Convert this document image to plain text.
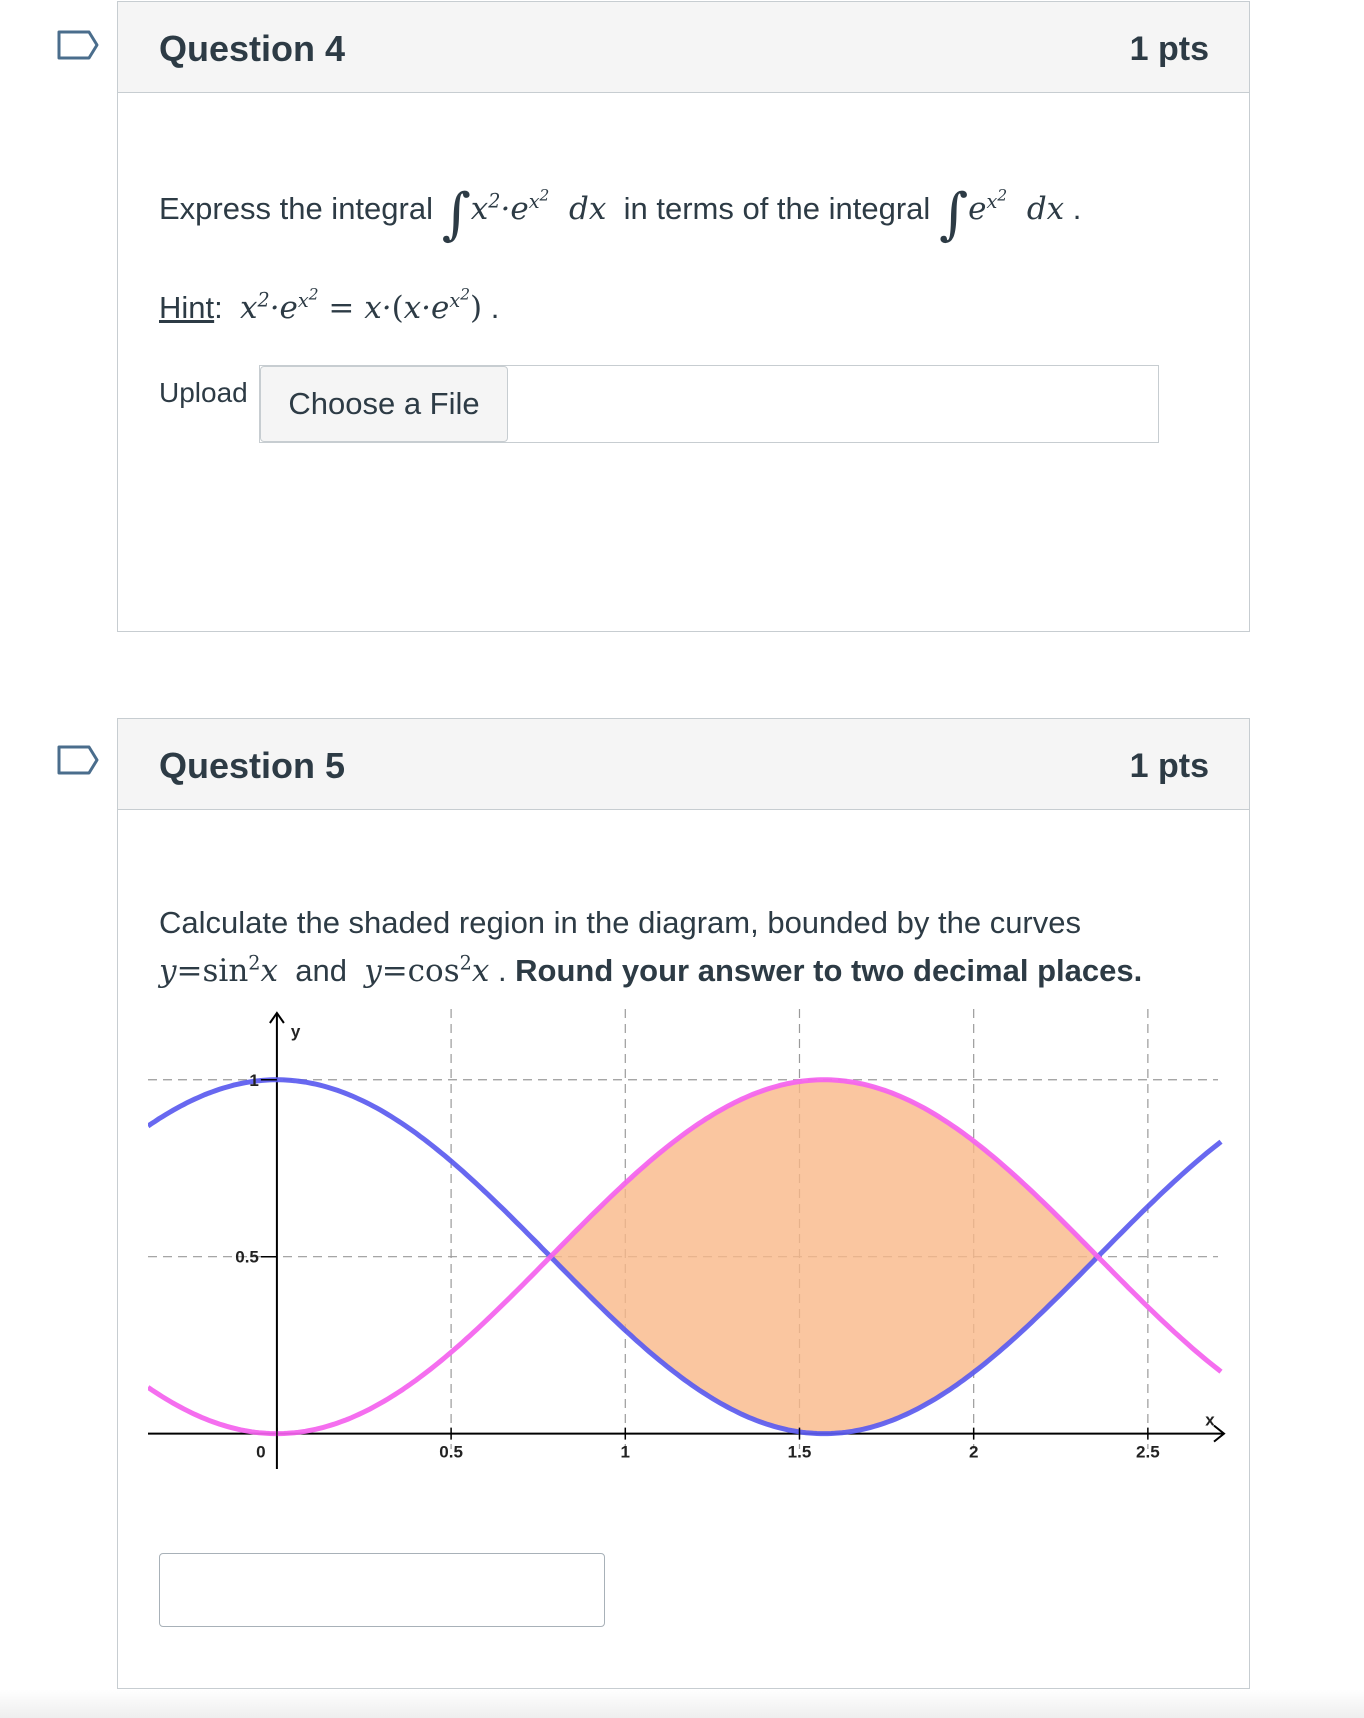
Question 4	1 pts
Express the integral $\int x^2\cdot e^{x^2}$  dx in terms of the integral $\int e^{x^2}$  dx .
Hint:  $x^2\cdot e^{x^2} = x\cdot(x\cdot e^{x^2})$ .
Upload	Choose a File
Question 5	1 pts
Calculate the shaded region in the diagram, bounded by the curves
$y=\sin^2x$ and $y=\cos^2x$ . Round your answer to two decimal places.
0	0.5	1	1.5	2	2.5
0.5
1
x
y
